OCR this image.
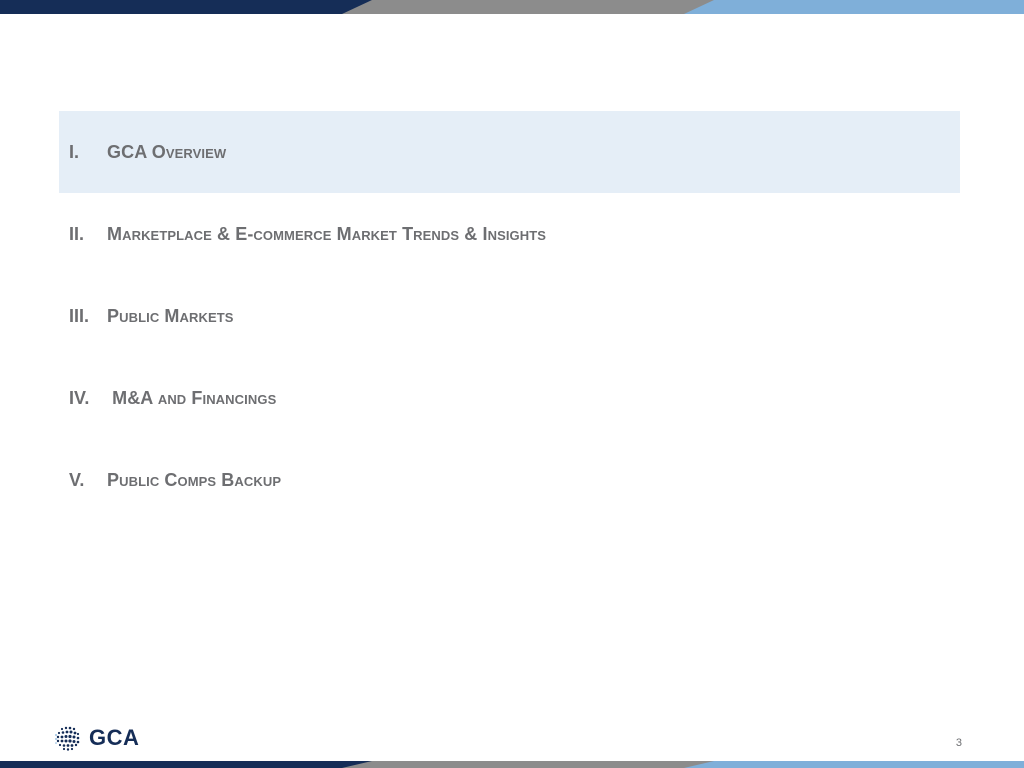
I.	GCA Overview
II.	Marketplace & E-commerce Market Trends & Insights
III. Public Markets
IV. M&A and Financings
V.	Public Comps Backup
GCA	3
